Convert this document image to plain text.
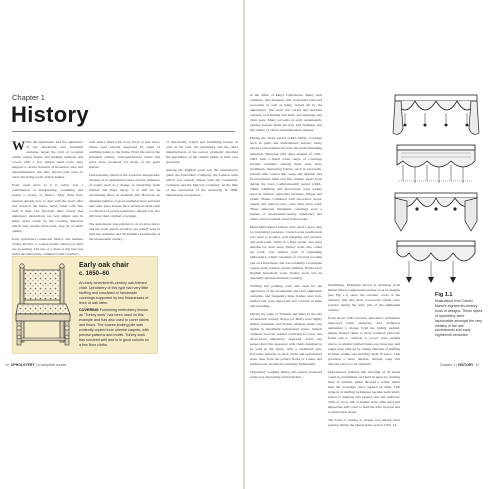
Chapter 1
History

While the upholsterer and the upholstery of the nineteenth and twentieth centuries began the craft of covering chairs, laying drapes and making cushions and covers with a few simple hand tools, they mapped a certain freedom of invention once and experimentation that they moved with ways to adorn the living room of their homes.

Early work there as it is today: was a combination of inaugurating, cramming and facing a variety of fabrics. They must have learned quickly how to deal with the loom offer and research the better, better value with fine stuff at their rate. Revivals there clearly that upholstery instructions ran very simple and, in many cases, crude. So the covering materials which were mostly hard-work, may be of small quality.

Early upholstery-connected fabrics and leathers traded directly or routed feature fabrics by their use as seating. The use of a chair or day bed was much uncomfortably combined with a wattled ...

with sitters filled with wool, flock or just straw. These were usually supported by strips of webbing nailed to the frame. From the end of the sixteenth century, well-upholstered chairs and sofas were produced for many of the great houses.

Unfortunately, much of the work has disappeared, because of its perishable nature and the influence of events such as a change of ownership, fresh fashion and mere decay. It is still for an astonishing effect on domestic life. However, an amazing number of good examples have survived and some great houses have preserved them with a collection of period upholstery, though very few still have their original coverings.

The upholsterer was referred to as an arras-tailor, and the work and its products are widely seen in both the wealthier and the humbler households of the seventeenth century ...

of historically scaled and furnishing houses as well as his own, the upholstery and the other manufacturers of the period, gradually absorbed the specialities of the cabinet maker as their own speciality.

Among the English work was the upholsterers' guild, the Upholders' Company, the London trade which was already linked with the Carpenters' Company and the Mercers' Company. At the time of the restoration of the monarchy in 1660, upholsterers recognised ...

Early oak chair
c. 1650–60
An early seventeenth-century oak-framed chair. Upholstery of this type had very little stuffing and consisted of handmade coverings supported by two thicknesses of linen or oak laths.
COVERING Furnishing embroidery known as "Turkey work" has been used on this example and has also used to cover tables and floors. The coarse-looking pile was evidently copied from oriental carpets, with precise patterns and motifs. Turkey work has survived well and is in good colours on a few floor cloths.
10 UPHOLSTERY | A complete course

in the office of king's Upholsterer. Many such cushions, and draperies and cloth-seats followed soon-after as well as being carried out by the upholsterer. The work was varied and included curtains, bed-making and beds, and hangings and chair seats. Many accounts of early seventeenth-century houses detail the new bed hangings and the quality of velvet and fashionable designs.

During the Tudor period (1485–1603), coverings such as plain and embroidered velvets, rarely tapestry and needlework were the main furnishing materials. Hurrying with other designs of 1530–1603 with a much wider range of coverings became available. Among these were more prominent, interesting fabrics, such as brocatelle, printed silks, Genoa silk, serge and damask, and flower-printed linen and fine leather. Apart from during the Lord Commonwealth period (1649–1660), trimming and decorations were widely used on crimson, especially furniture, fringes and braids. Braids combined with decorative drops, tassels and galloon lace, were then often used. These elaborate handmade coverings were a feature of seventeenth-century upholstery and often covered ancient sweat frameworks.

Hand-embroidered fabrics were used a great deal for furnishing purposes. Crewel-work needlework was used to produce wall hangings and curtains, and petit-point, while in a finer grade, was most suitable for chair seats. Turkey work, also called set work, was another form of furnishing embroidery, which consisted of coloured woollen pile on a base linen, and was evidently a technique copied from oriental carpets making. Produced in English household work, Turkey work was an unusually durable furniture covering.

Stuffing and padding were also used for the upholstery of the seventeenth and early eighteenth centuries, and frequently these frames were hair-stuffed and were supported and covered in linen and webbings.

During the reign of William and Mary in the late seventeenth century, Roger (of Huet) were highly skilled workmen and French refugees made vast strides in handmade upholstered wares. Superb cushions were the normal constraint for wear, and silver-laced upholstery appeared. Sofas and settees then first appeared, with chairs designed to be used in the home, with a cushioned seat. Favourite patterns on chair backs and upholstered seats, then from the pattern books of Lainez and leatherwork, became increasingly fashionable.

Upholstery working during this period produced some very interesting and furnished ...

furnishings. Examples shown in drawings from Daniel Marot's eighteenth-century book of designs (see Fig 1.1) show the curtains, cords of the window, bed and chair accessories which were popular during the early part of the eighteenth century.

From about 1700 onwards, upholstery techniques improved when designers and architects demanded a change from the tightly padded, simple shaped chairs to more rounded, elaborate forms and to classical or rococo style padded pieces. A smaller padded frame saw more use, and edges were built up by rolling amounts of stuffing in linen scrims and stitching them in place. This provided a more durable, sharper edge and allowed curves to be obtained.

Upholsterers realised that stitching of all kinds could be established and held in place by running lines of stitches, either through a scrim, rather than the coverings, since applied as often. This tying-in of stuffing techniques became particularly suited to cushions and squarer seat and cushions. Tufts of wool, silk or leather were often used and helped the stiff cover to hold the tufts in place and to retain their shape.

The form of seating or drapes was among most popular during the Queen Anne period 1702–14.

Fig 1.1
Illustrations from Daniel Marot's eighteenth-century book of designs. These styles of upholstery were fashionable amongst the very wealthy in the late seventeenth and early eighteenth centuries.
Chapter 1 | HISTORY 11
